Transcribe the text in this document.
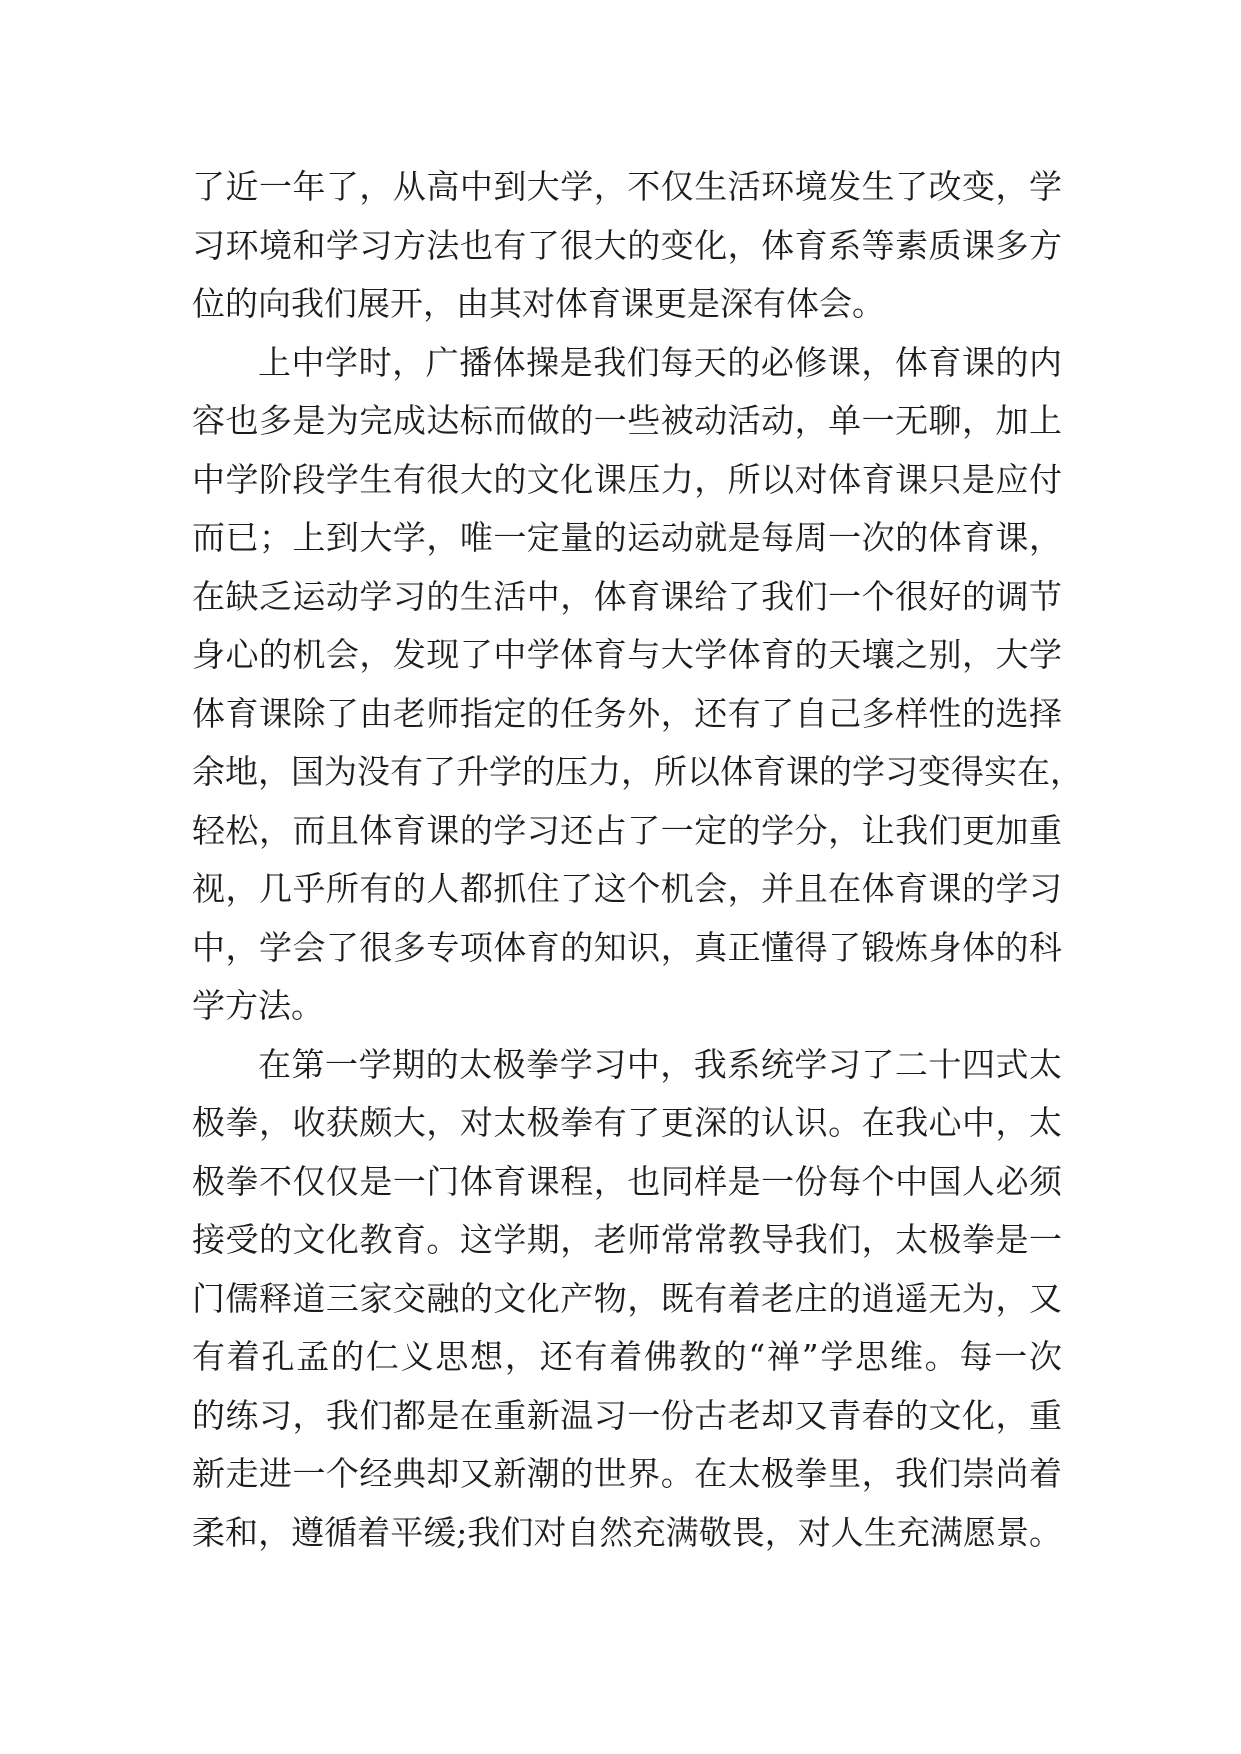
了近一年了，从高中到大学，不仅生活环境发生了改变，学
习环境和学习方法也有了很大的变化，体育系等素质课多方
位的向我们展开，由其对体育课更是深有体会。
上中学时，广播体操是我们每天的必修课，体育课的内
容也多是为完成达标而做的一些被动活动，单一无聊，加上
中学阶段学生有很大的文化课压力，所以对体育课只是应付
而已；上到大学，唯一定量的运动就是每周一次的体育课，
在缺乏运动学习的生活中，体育课给了我们一个很好的调节
身心的机会，发现了中学体育与大学体育的天壤之别，大学
体育课除了由老师指定的任务外，还有了自己多样性的选择
余地，国为没有了升学的压力，所以体育课的学习变得实在，
轻松，而且体育课的学习还占了一定的学分，让我们更加重
视，几乎所有的人都抓住了这个机会，并且在体育课的学习
中，学会了很多专项体育的知识，真正懂得了锻炼身体的科
学方法。
在第一学期的太极拳学习中，我系统学习了二十四式太
极拳，收获颇大，对太极拳有了更深的认识。在我心中，太
极拳不仅仅是一门体育课程，也同样是一份每个中国人必须
接受的文化教育。这学期，老师常常教导我们，太极拳是一
门儒释道三家交融的文化产物，既有着老庄的逍遥无为，又
有着孔孟的仁义思想，还有着佛教的“禅”学思维。每一次
的练习，我们都是在重新温习一份古老却又青春的文化，重
新走进一个经典却又新潮的世界。在太极拳里，我们崇尚着
柔和，遵循着平缓;我们对自然充满敬畏，对人生充满愿景。
